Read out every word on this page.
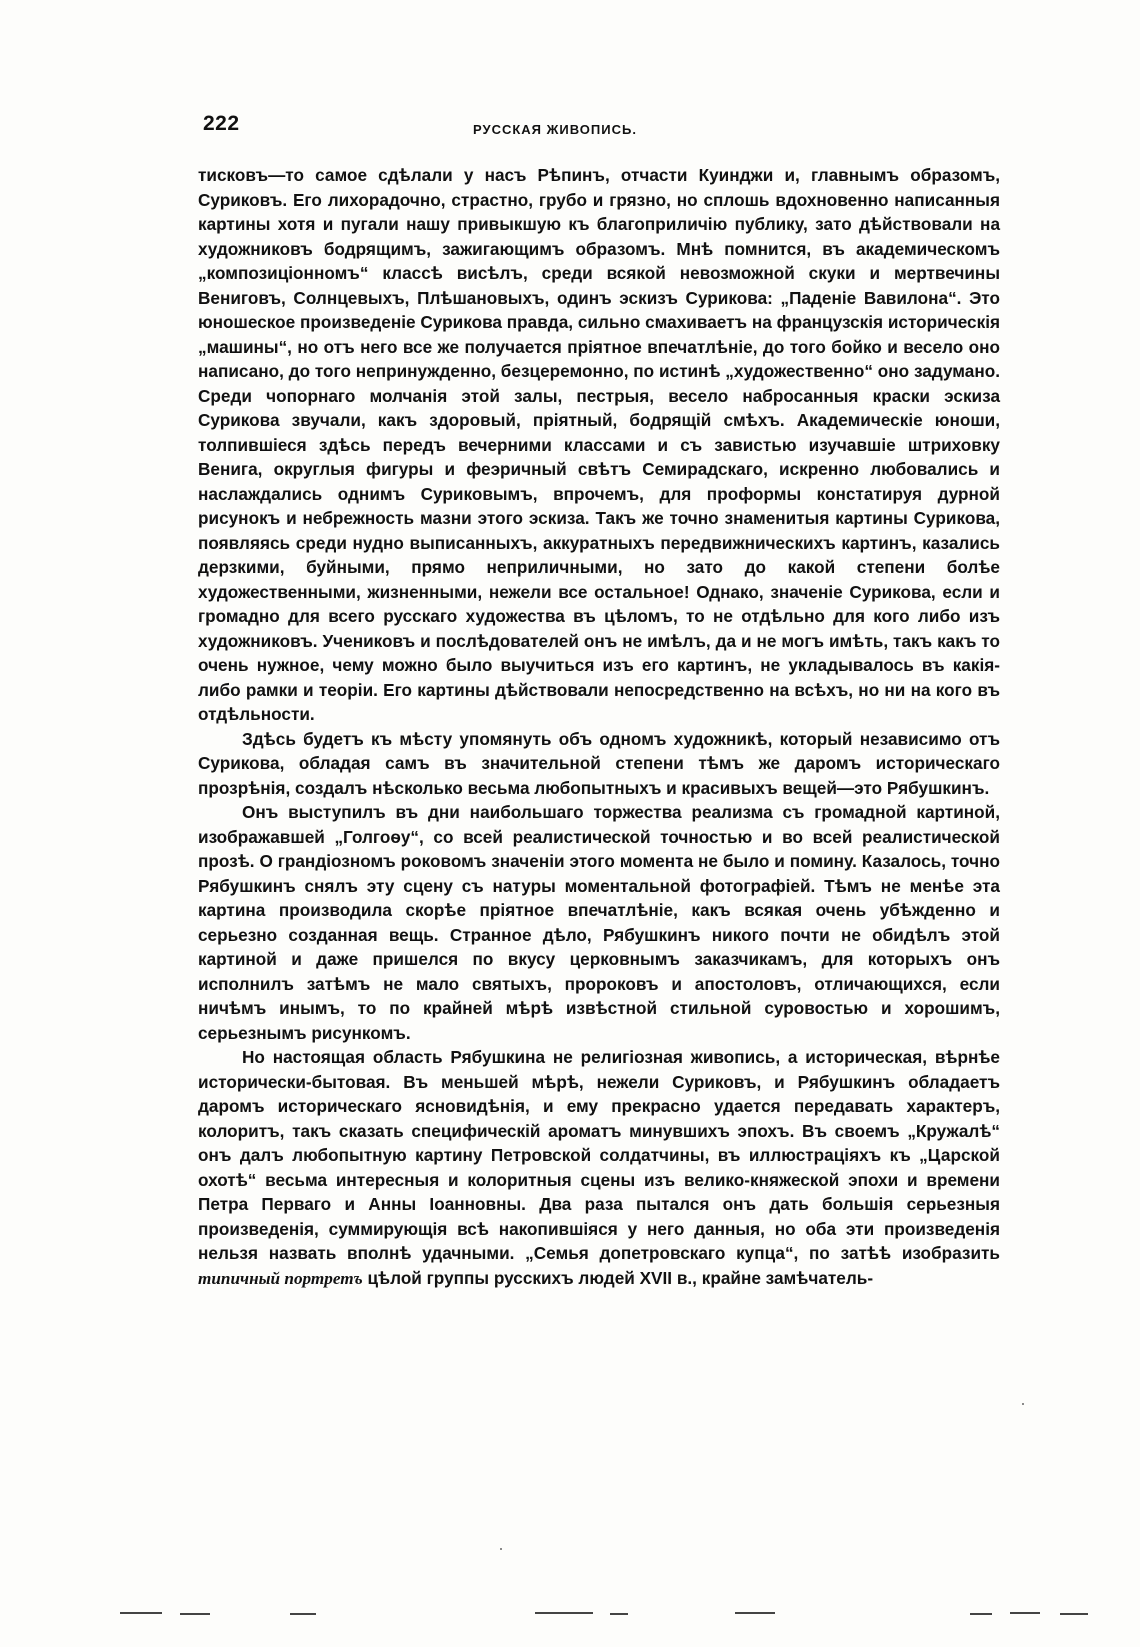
222	РУССКАЯ ЖИВОПИСЬ.

тисковъ—то самое сдѣлали у насъ Рѣпинъ, отчасти Куинджи и, главнымъ образомъ, Суриковъ. Его лихорадочно, страстно, грубо и грязно, но сплошь вдохновенно написанныя картины хотя и пугали нашу привыкшую къ благоприличію публику, зато дѣйствовали на художниковъ бодрящимъ, зажигающимъ образомъ. Мнѣ помнится, въ академическомъ „композиціонномъ“ классѣ висѣлъ, среди всякой невозможной скуки и мертвечины Вениговъ, Солнцевыхъ, Плѣшановыхъ, одинъ эскизъ Сурикова: „Паденіе Вавилона“. Это юношеское произведеніе Сурикова правда, сильно смахиваетъ на французскія историческія „машины“, но отъ него все же получается пріятное впечатлѣніе, до того бойко и весело оно написано, до того непринужденно, безцеремонно, по истинѣ „художественно“ оно задумано. Среди чопорнаго молчанія этой залы, пестрыя, весело набросанныя краски эскиза Сурикова звучали, какъ здоровый, пріятный, бодрящій смѣхъ. Академическіе юноши, толпившіеся здѣсь передъ вечерними классами и съ завистью изучавшіе штриховку Венига, округлыя фигуры и феэричный свѣтъ Семирадскаго, искренно любовались и наслаждались однимъ Суриковымъ, впрочемъ, для проформы констатируя дурной рисунокъ и небрежность мазни этого эскиза. Такъ же точно знаменитыя картины Сурикова, появляясь среди нудно выписанныхъ, аккуратныхъ передвижническихъ картинъ, казались дерзкими, буйными, прямо неприличными, но зато до какой степени болѣе художественными, жизненными, нежели все остальное! Однако, значеніе Сурикова, если и громадно для всего русскаго художества въ цѣломъ, то не отдѣльно для кого либо изъ художниковъ. Учениковъ и послѣдователей онъ не имѣлъ, да и не могъ имѣть, такъ какъ то очень нужное, чему можно было выучиться изъ его картинъ, не укладывалось въ какія-либо рамки и теоріи. Его картины дѣйствовали непосредственно на всѣхъ, но ни на кого въ отдѣльности.

Здѣсь будетъ къ мѣсту упомянуть объ одномъ художникѣ, который независимо отъ Сурикова, обладая самъ въ значительной степени тѣмъ же даромъ историческаго прозрѣнія, создалъ нѣсколько весьма любопытныхъ и красивыхъ вещей—это Рябушкинъ.

Онъ выступилъ въ дни наибольшаго торжества реализма съ громадной картиной, изображавшей „Голгоѳу“, со всей реалистической точностью и во всей реалистической прозѣ. О грандіозномъ роковомъ значеніи этого момента не было и помину. Казалось, точно Рябушкинъ снялъ эту сцену съ натуры моментальной фотографіей. Тѣмъ не менѣе эта картина производила скорѣе пріятное впечатлѣніе, какъ всякая очень убѣжденно и серьезно созданная вещь. Странное дѣло, Рябушкинъ никого почти не обидѣлъ этой картиной и даже пришелся по вкусу церковнымъ заказчикамъ, для которыхъ онъ исполнилъ затѣмъ не мало святыхъ, пророковъ и апостоловъ, отличающихся, если ничѣмъ инымъ, то по крайней мѣрѣ извѣстной стильной суровостью и хорошимъ, серьезнымъ рисункомъ.

Но настоящая область Рябушкина не религіозная живопись, а историческая, вѣрнѣе исторически-бытовая. Въ меньшей мѣрѣ, нежели Суриковъ, и Рябушкинъ обладаетъ даромъ историческаго ясновидѣнія, и ему прекрасно удается передавать характеръ, колоритъ, такъ сказать специфическій ароматъ минувшихъ эпохъ. Въ своемъ „Кружалѣ“ онъ далъ любопытную картину Петровской солдатчины, въ иллюстраціяхъ къ „Царской охотѣ“ весьма интересныя и колоритныя сцены изъ велико-княжеской эпохи и времени Петра Перваго и Анны Іоанновны. Два раза пытался онъ дать большія серьезныя произведенія, суммирующія всѣ накопившіяся у него данныя, но оба эти произведенія нельзя назвать вполнѣ удачными. „Семья допетровскаго купца“, по затѣѣ изобразить типичный портретъ цѣлой группы русскихъ людей XVII в., крайне замѣчатель-
